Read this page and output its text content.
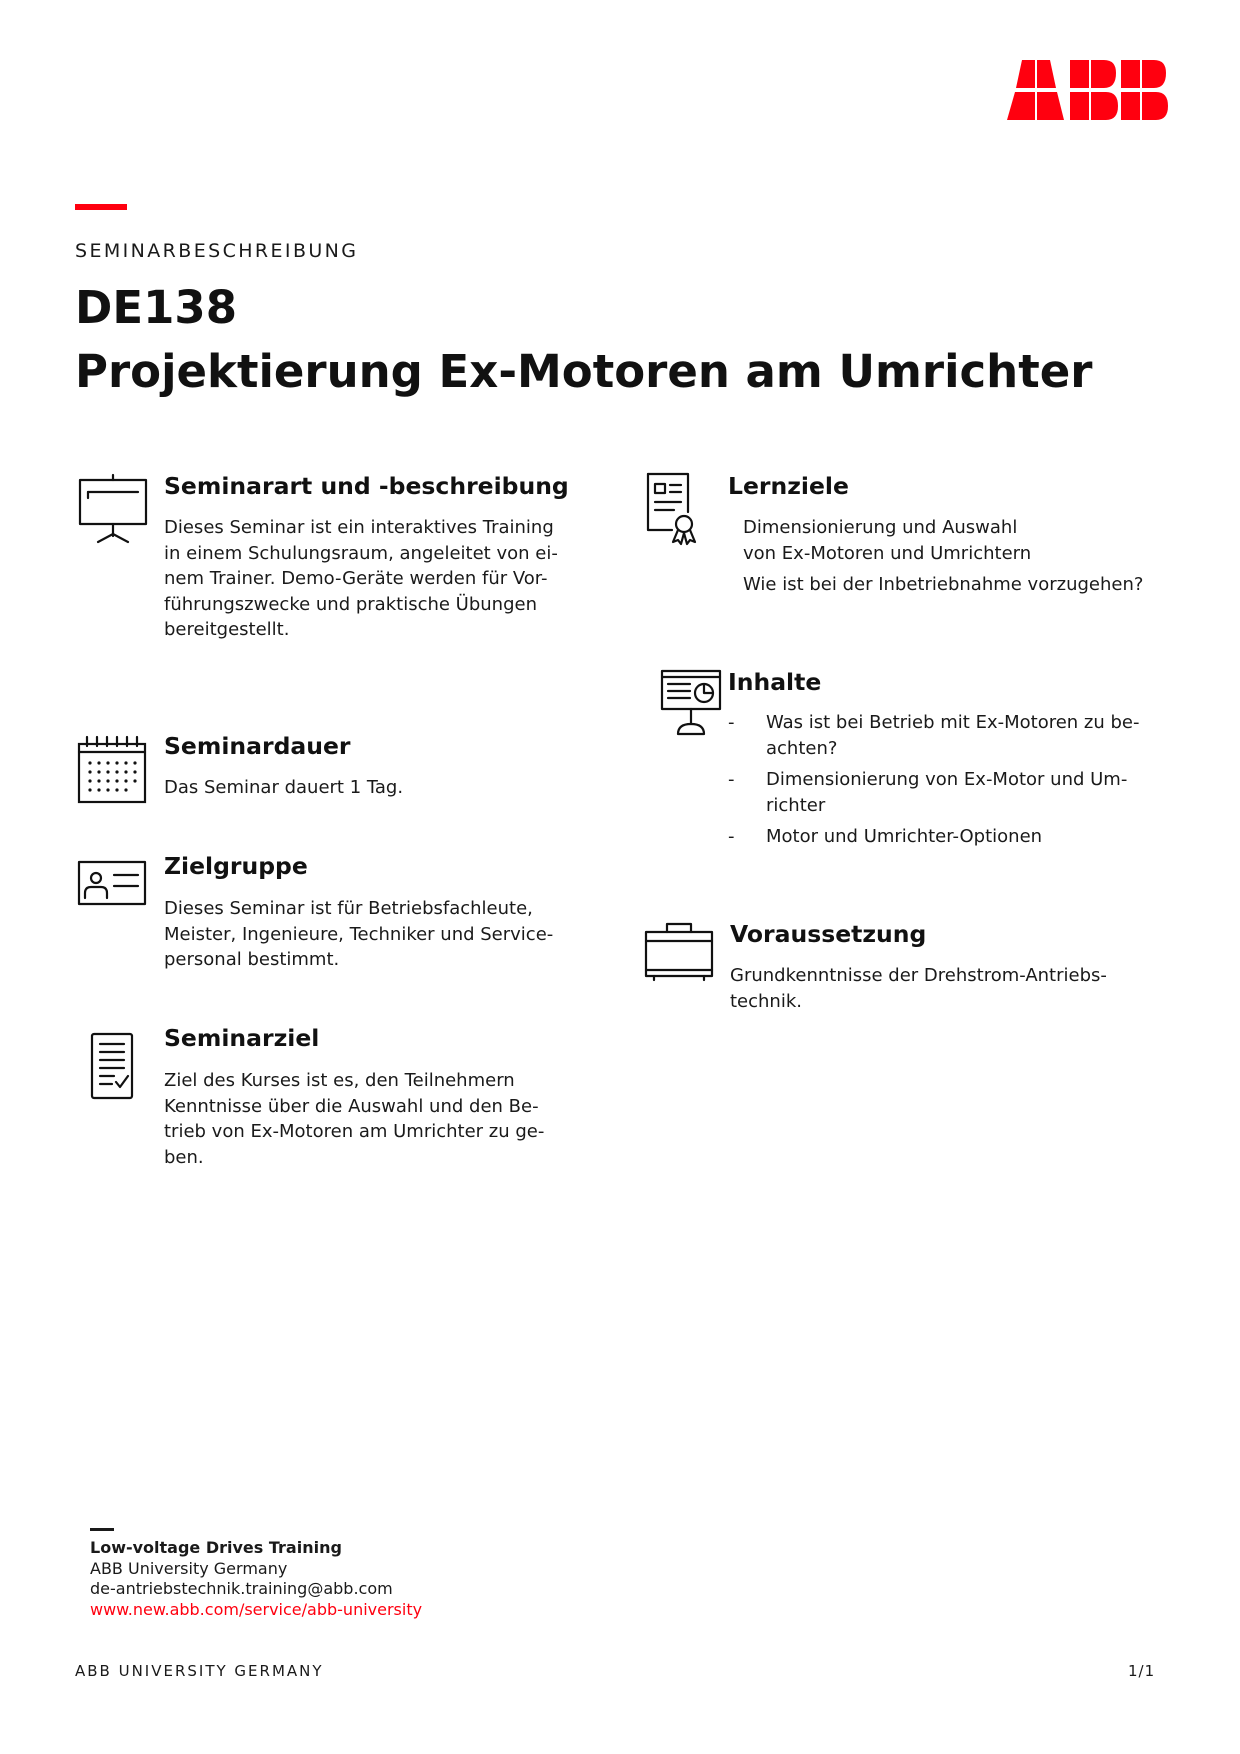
SEMINARBESCHREIBUNG
DE138
Projektierung Ex-Motoren am Umrichter
Seminarart und -beschreibung
Dieses Seminar ist ein interaktives Training
in einem Schulungsraum, angeleitet von ei-
nem Trainer. Demo-Geräte werden für Vor-
führungszwecke und praktische Übungen
bereitgestellt.
Seminardauer
Das Seminar dauert 1 Tag.
Zielgruppe
Dieses Seminar ist für Betriebsfachleute,
Meister, Ingenieure, Techniker und Service-
personal bestimmt.
Seminarziel
Ziel des Kurses ist es, den Teilnehmern
Kenntnisse über die Auswahl und den Be-
trieb von Ex-Motoren am Umrichter zu ge-
ben.
Lernziele
Dimensionierung und Auswahl
von Ex-Motoren und Umrichtern
Wie ist bei der Inbetriebnahme vorzugehen?
Inhalte
- Was ist bei Betrieb mit Ex-Motoren zu be-
achten?
- Dimensionierung von Ex-Motor und Um-
richter
- Motor und Umrichter-Optionen
Voraussetzung
Grundkenntnisse der Drehstrom-Antriebs-
technik.
Low-voltage Drives Training
ABB University Germany
de-antriebstechnik.training@abb.com
www.new.abb.com/service/abb-university
ABB UNIVERSITY GERMANY	1/1
